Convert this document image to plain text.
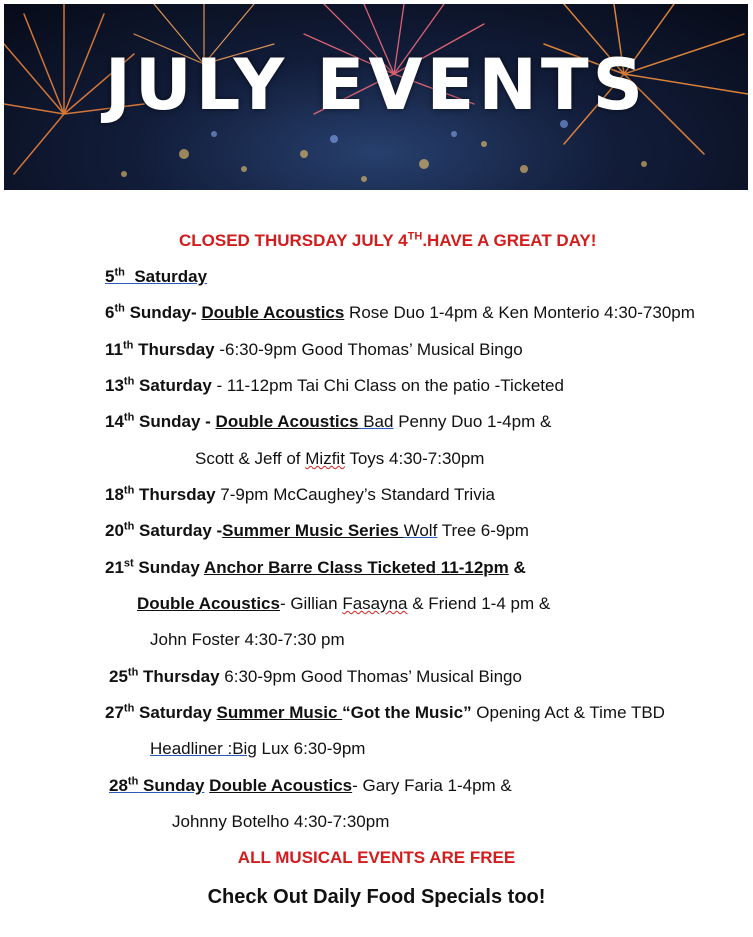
JULY EVENTS
CLOSED THURSDAY JULY 4TH.HAVE A GREAT DAY!
5th Saturday
6th Sunday- Double Acoustics Rose Duo 1-4pm & Ken Monterio 4:30-730pm
11th Thursday -6:30-9pm Good Thomas’ Musical Bingo
13th Saturday - 11-12pm Tai Chi Class on the patio -Ticketed
14th Sunday - Double Acoustics Bad Penny Duo 1-4pm &
Scott & Jeff of Mizfit Toys 4:30-7:30pm
18th Thursday 7-9pm McCaughey’s Standard Trivia
20th Saturday -Summer Music Series Wolf Tree 6-9pm
21st Sunday Anchor Barre Class Ticketed 11-12pm &
Double Acoustics- Gillian Fasayna & Friend 1-4 pm &
John Foster 4:30-7:30 pm
25th Thursday 6:30-9pm Good Thomas’ Musical Bingo
27th Saturday Summer Music “Got the Music” Opening Act & Time TBD
Headliner :Big Lux 6:30-9pm
28th Sunday Double Acoustics- Gary Faria 1-4pm &
Johnny Botelho 4:30-7:30pm
ALL MUSICAL EVENTS ARE FREE
Check Out Daily Food Specials too!
